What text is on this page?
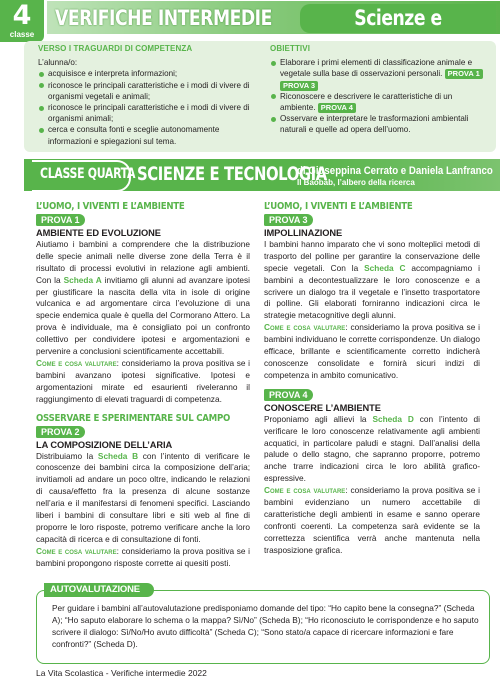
4
classe
VERIFICHE INTERMEDIE	Scienze e
VERSO I TRAGUARDI DI COMPETENZA
L’alunna/o:
acquisisce e interpreta informazioni;
riconosce le principali caratteristiche e i modi di vivere di organismi vegetali e animali;
riconosce le principali caratteristiche e i modi di vivere di organismi animali;
cerca e consulta fonti e sceglie autonomamente informazioni e spiegazioni sul tema.
OBIETTIVI
Elaborare i primi elementi di classificazione animale e vegetale sulla base di osservazioni personali. PROVA 1PROVA 3
Riconoscere e descrivere le caratteristiche di un ambiente. PROVA 4
Osservare e interpretare le trasformazioni ambientali naturali e quelle ad opera dell’uomo.
CLASSE QUARTA SCIENZE E TECNOLOGIA
di Giuseppina Cerrato e Daniela Lanfranco
Il Baobab, l’albero della ricerca
L’UOMO, I VIVENTI E L’AMBIENTE
PROVA 1
AMBIENTE ED EVOLUZIONE
Aiutiamo i bambini a comprendere che la distribuzione delle specie animali nelle diverse zone della Terra è il risultato di processi evolutivi in relazione agli ambienti. Con la Scheda A invitiamo gli alunni ad avanzare ipotesi per giustificare la nascita della vita in isole di origine vulcanica e ad argomentare circa l’evoluzione di una specie endemica quale è quella del Cormorano Attero. La prova è individuale, ma è consigliato poi un confronto collettivo per condividere ipotesi e argomentazioni e pervenire a conclusioni scientificamente accettabili.
Come e cosa valutare: consideriamo la prova positiva se i bambini avanzano ipotesi significative. Ipotesi e argomentazioni mirate ed esaurienti riveleranno il raggiungimento di elevati traguardi di competenza.
OSSERVARE E SPERIMENTARE SUL CAMPO
PROVA 2
LA COMPOSIZIONE DELL’ARIA
Distribuiamo la Scheda B con l’intento di verificare le conoscenze dei bambini circa la composizione dell’aria; invitiamoli ad andare un poco oltre, indicando le relazioni di causa/effetto fra la presenza di alcune sostanze nell’aria e il manifestarsi di fenomeni specifici. Lasciando liberi i bambini di consultare libri e siti web al fine di proporre le loro risposte, potremo verificare anche la loro capacità di ricerca e di consultazione di fonti.
Come e cosa valutare: consideriamo la prova positiva se i bambini propongono risposte corrette ai quesiti posti.
L’UOMO, I VIVENTI E L’AMBIENTE
PROVA 3
IMPOLLINAZIONE
I bambini hanno imparato che vi sono molteplici metodi di trasporto del polline per garantire la conservazione delle specie vegetali. Con la Scheda C accompagniamo i bambini a decontestualizzare le loro conoscenze e a scrivere un dialogo tra il vegetale e l’insetto trasportatore di polline. Gli elaborati forniranno indicazioni circa le strategie metacognitive degli alunni.
Come e cosa valutare: consideriamo la prova positiva se i bambini individuano le corrette corrispondenze. Un dialogo efficace, brillante e scientificamente corretto indicherà conoscenze consolidate e fornirà sicuri indizi di competenza in ambito comunicativo.
PROVA 4
CONOSCERE L’AMBIENTE
Proponiamo agli allievi la Scheda D con l’intento di verificare le loro conoscenze relativamente agli ambienti acquatici, in particolare paludi e stagni. Dall’analisi della palude o dello stagno, che sapranno proporre, potremo anche trarre indicazioni circa le loro abilità grafico-espressive.
Come e cosa valutare: consideriamo la prova positiva se i bambini evidenziano un numero accettabile di caratteristiche degli ambienti in esame e sanno operare confronti coerenti. La competenza sarà evidente se la correttezza scientifica verrà anche mantenuta nella trasposizione grafica.
AUTOVALUTAZIONE
Per guidare i bambini all’autovalutazione predisponiamo domande del tipo: “Ho capito bene la consegna?” (Scheda A); “Ho saputo elaborare lo schema o la mappa? Sì/No” (Scheda B); “Ho riconosciuto le corrispondenze e ho saputo scrivere il dialogo: Sì/No/Ho avuto difficoltà” (Scheda C); “Sono stato/a capace di ricercare informazioni e fare confronti?” (Scheda D).
La Vita Scolastica - Verifiche intermedie 2022
